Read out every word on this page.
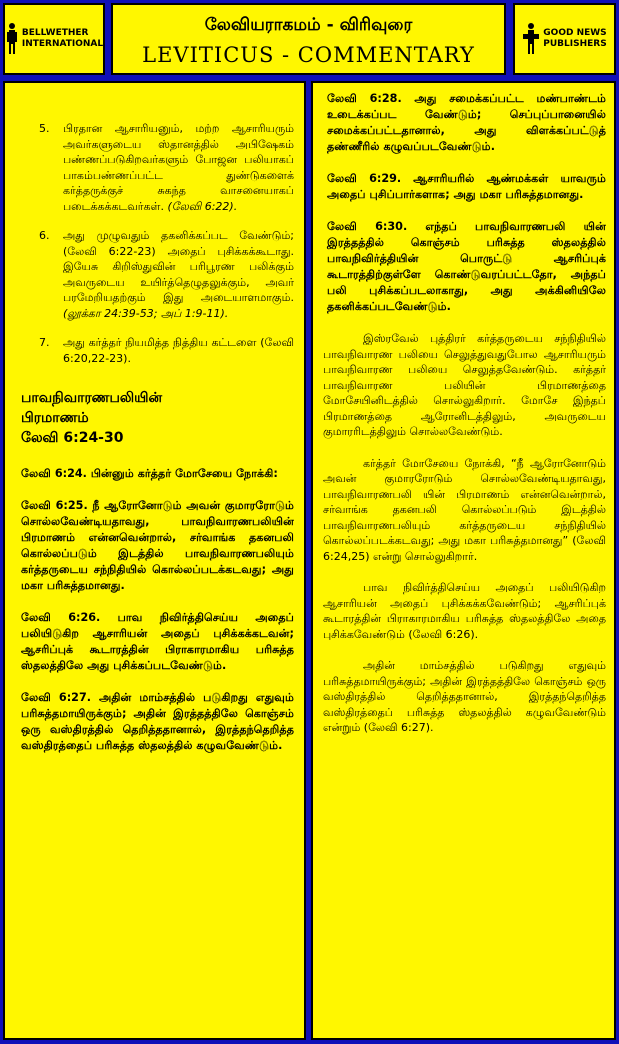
BELLWETHER
INTERNATIONAL
லேவியராகமம் - விரிவுரை
LEVITICUS - COMMENTARY
GOOD NEWS
PUBLISHERS
5.	பிரதான ஆசாரியனும், மற்ற ஆசாரியரும் அவர்களுடைய ஸ்தானத்தில் அபிஷேகம் பண்ணப்படுகிறவர்களும் போஜன பலியாகப் பாகம்பண்ணப்பட்ட துண்டுகளைக் கர்த்தருக்குச் சுகந்த வாசனையாகப் படைக்கக்கடவர்கள். (லேவி 6:22).
6.	அது முழுவதும் தகனிக்கப்பட வேண்டும்; (லேவி 6:22-23) அதைப் புசிக்கக்கூடாது. இயேசு கிறிஸ்துவின் பரிபூரண பலிக்கும் அவருடைய உயிர்த்தெழுதலுக்கும், அவர் பரமேறியதற்கும் இது அடையாளமாகும். (லூக்கா 24:39-53; அப் 1:9-11).
7.	அது கர்த்தர் நியமித்த நித்திய கட்டளை (லேவி 6:20,22-23).
பாவநிவாரணபலியின்
பிரமாணம்
லேவி 6:24-30

லேவி 6:24. பின்னும் கர்த்தர் மோசேயை நோக்கி:

லேவி 6:25. நீ ஆரோனோடும் அவன் குமாரரோடும் சொல்லவேண்டியதாவது, பாவநிவாரணபலியின் பிரமாணம் என்னவென்றால், சர்வாங்க தகனபலி கொல்லப்படும் இடத்தில் பாவநிவாரணபலியும் கர்த்தருடைய சந்நிதியில் கொல்லப்படக்கடவது; அது மகா பரிசுத்தமானது.

லேவி 6:26. பாவ நிவிர்த்திசெய்ய அதைப் பலியிடுகிற ஆசாரியன் அதைப் புசிக்கக்கடவன்; ஆசரிப்புக் கூடாரத்தின் பிராகாரமாகிய பரிசுத்த ஸ்தலத்திலே அது புசிக்கப்படவேண்டும்.

லேவி 6:27. அதின் மாம்சத்தில் படுகிறது எதுவும் பரிசுத்தமாயிருக்கும்; அதின் இரத்தத்திலே கொஞ்சம் ஒரு வஸ்திரத்தில் தெறித்ததானால், இரத்தந்தெறித்த வஸ்திரத்தைப் பரிசுத்த ஸ்தலத்தில் கழுவவேண்டும்.

லேவி 6:28. அது சமைக்கப்பட்ட மண்பாண்டம் உடைக்கப்பட வேண்டும்; செப்புப்பானையில் சமைக்கப்பட்டதானால், அது விளக்கப்பட்டுத் தண்ணீரில் கழுவப்படவேண்டும்.

லேவி 6:29. ஆசாரியரில் ஆண்மக்கள் யாவரும் அதைப் புசிப்பார்களாக; அது மகா பரிசுத்தமானது.

லேவி 6:30. எந்தப் பாவநிவாரணபலி யின் இரத்தத்தில் கொஞ்சம் பரிசுத்த ஸ்தலத்தில் பாவநிவிர்த்தியின் பொருட்டு ஆசரிப்புக் கூடாரத்திற்குள்ளே கொண்டுவரப்பட்டதோ, அந்தப் பலி புசிக்கப்படலாகாது, அது அக்கினியிலே தகனிக்கப்படவேண்டும்.

இஸ்ரவேல் புத்திரர் கர்த்தருடைய சந்நிதியில் பாவநிவாரண பலியை செலுத்துவதுபோல ஆசாரியரும் பாவநிவாரண பலியை செலுத்தவேண்டும். கர்த்தர் பாவநிவாரண பலியின் பிரமாணத்தை மோசேயினிடத்தில் சொல்லுகிறார். மோசே இந்தப் பிரமாணத்தை ஆரோனிடத்திலும், அவருடைய குமாரரிடத்திலும் சொல்லவேண்டும்.

கர்த்தர் மோசேயை நோக்கி, “நீ ஆரோனோடும் அவன் குமாரரோடும் சொல்லவேண்டியதாவது, பாவநிவாரணபலி யின் பிரமாணம் என்னவென்றால், சர்வாங்க தகனபலி கொல்லப்படும் இடத்தில் பாவநிவாரணபலியும் கர்த்தருடைய சந்நிதியில் கொல்லப்படக்கடவது; அது மகா பரிசுத்தமானது” (லேவி 6:24,25) என்று சொல்லுகிறார்.

பாவ நிவிர்த்திசெய்ய அதைப் பலியிடுகிற ஆசாரியன் அதைப் புசிக்கக்கவேண்டும்; ஆசரிப்புக் கூடாரத்தின் பிராகாரமாகிய பரிசுத்த ஸ்தலத்திலே அதை புசிக்கவேண்டும் (லேவி 6:26).

அதின் மாம்சத்தில் படுகிறது எதுவும் பரிசுத்தமாயிருக்கும்; அதின் இரத்தத்திலே கொஞ்சம் ஒரு வஸ்திரத்தில் தெறித்ததானால், இரத்தந்தெறித்த வஸ்திரத்தைப் பரிசுத்த ஸ்தலத்தில் கழுவவேண்டும் என்றும் (லேவி 6:27).
